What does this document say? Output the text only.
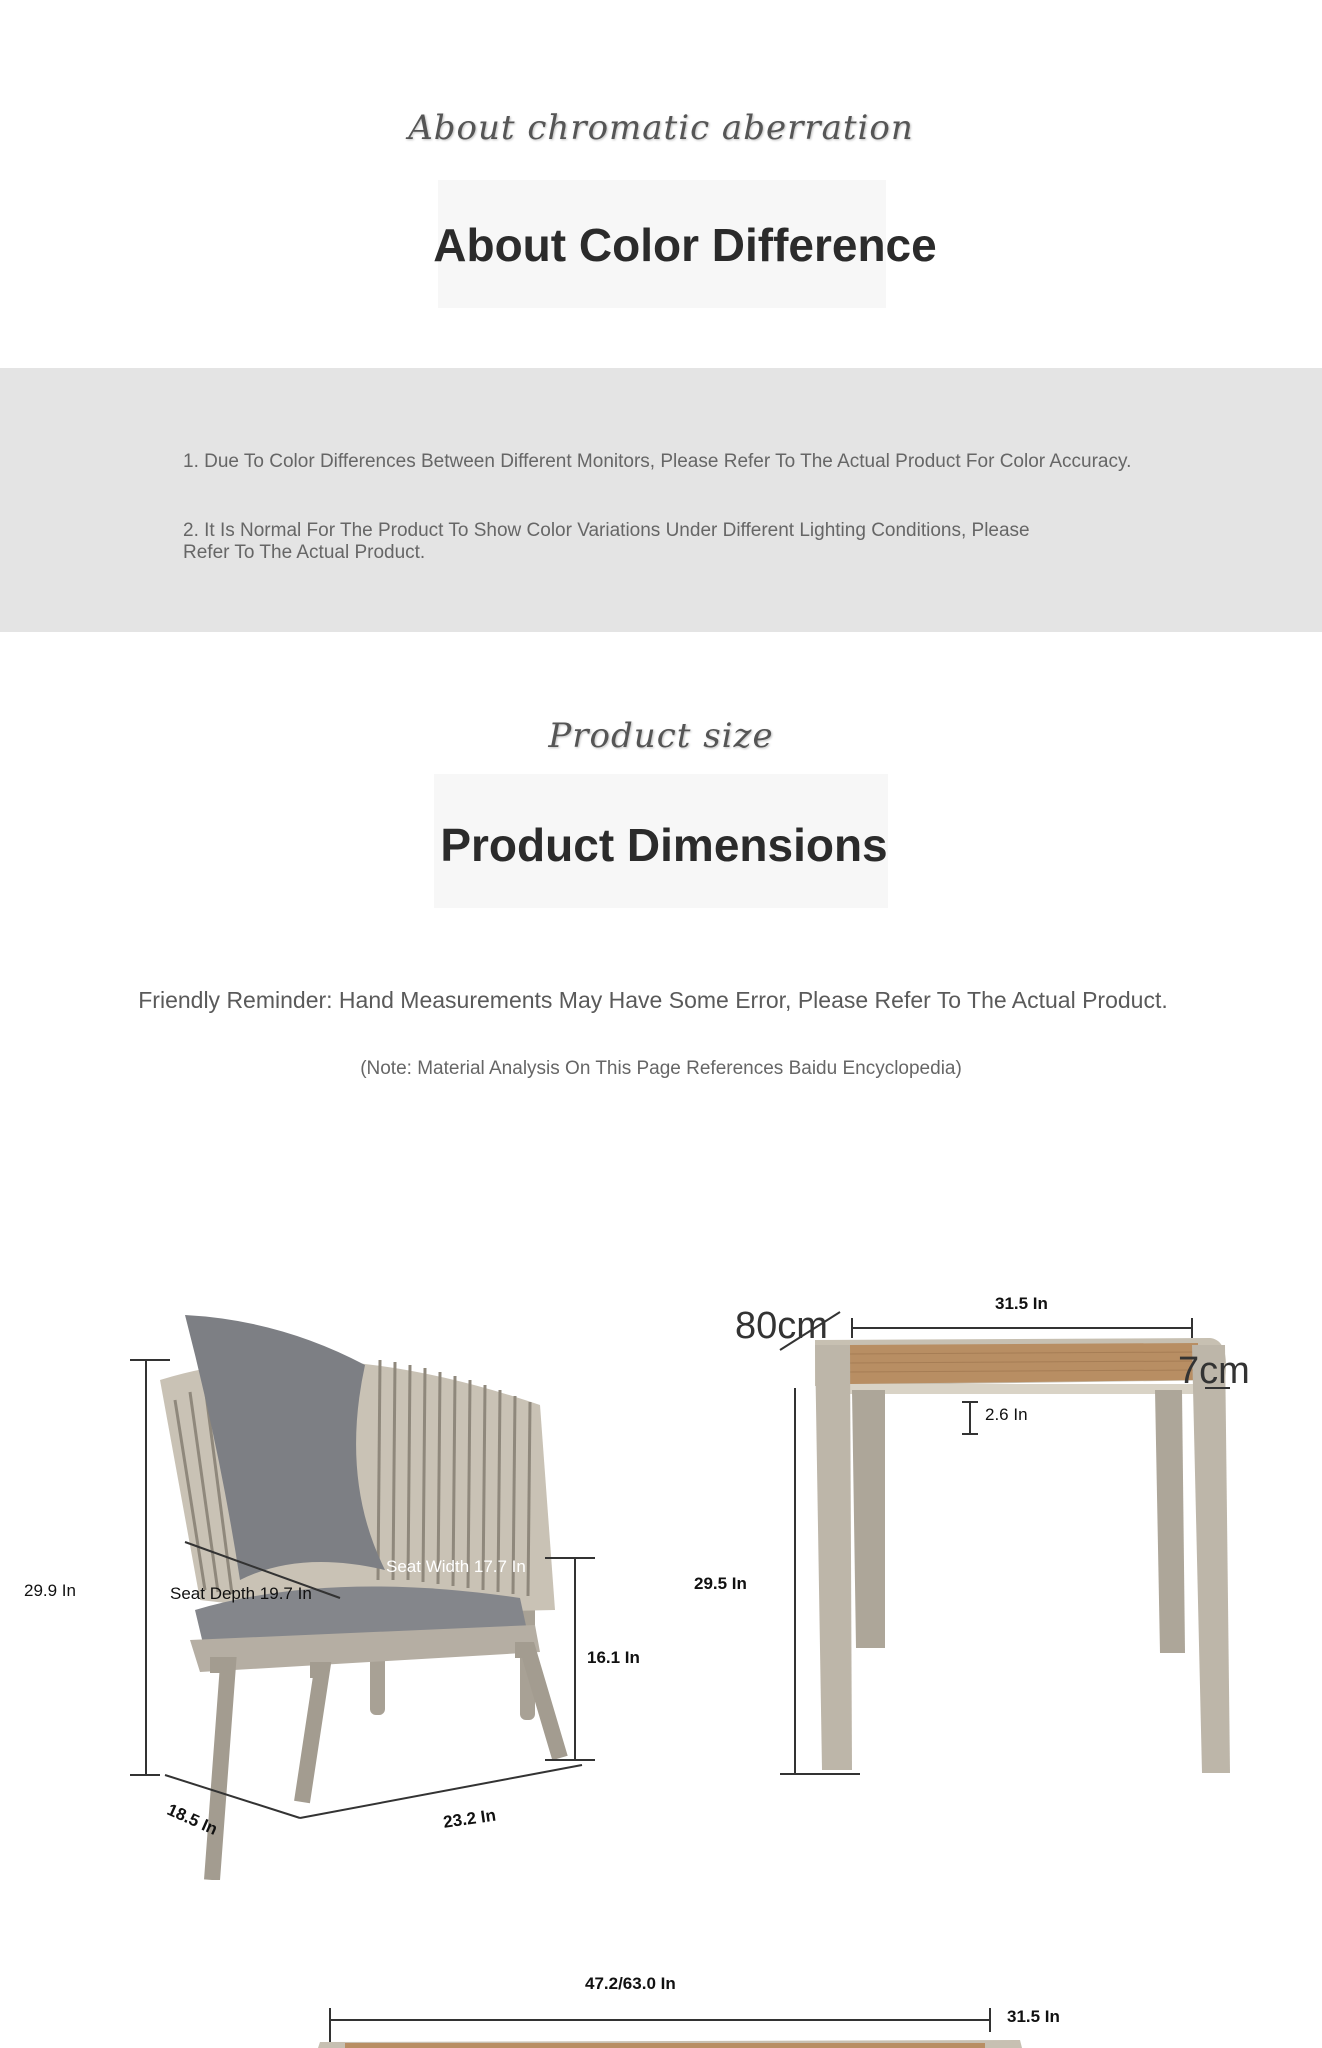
About chromatic aberration
About Color Difference
1. Due To Color Differences Between Different Monitors, Please Refer To The Actual Product For Color Accuracy.
2. It Is Normal For The Product To Show Color Variations Under Different Lighting Conditions, Please
Refer To The Actual Product.
Product size
Product Dimensions
Friendly Reminder: Hand Measurements May Have Some Error, Please Refer To The Actual Product.
(Note: Material Analysis On This Page References Baidu Encyclopedia)
29.9 In	Seat Depth 19.7 In
Seat Width 17.7 In
16.1 In
18.5 In	23.2 In
80cm
7cm
31.5 In
2.6 In
29.5 In
47.2/63.0 In
31.5 In
